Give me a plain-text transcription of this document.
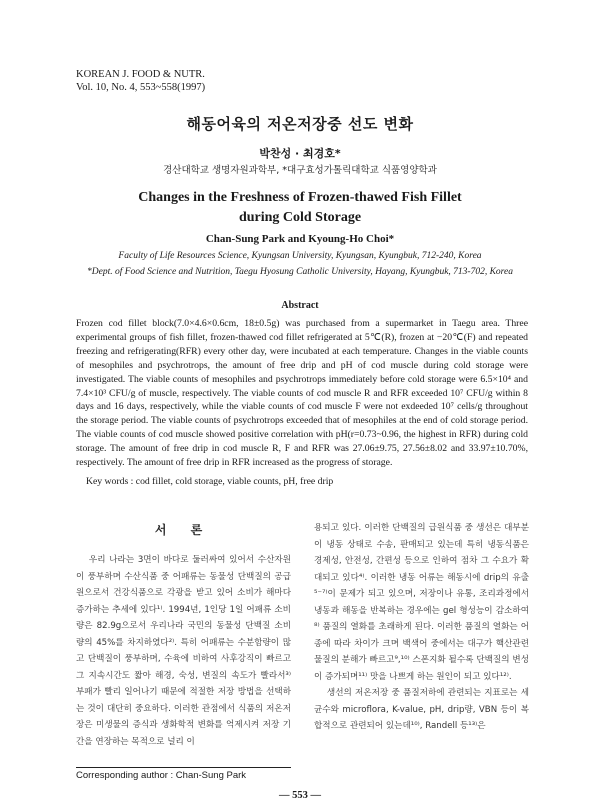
KOREAN J. FOOD & NUTR.
Vol. 10, No. 4, 553~558(1997)
해동어육의 저온저장중 선도 변화
박찬성 · 최경호*
경산대학교 생명자원과학부, *대구효성가톨릭대학교 식품영양학과
Changes in the Freshness of Frozen-thawed Fish Fillet
during Cold Storage
Chan-Sung Park and Kyoung-Ho Choi*
Faculty of Life Resources Science, Kyungsan University, Kyungsan, Kyungbuk, 712-240, Korea
*Dept. of Food Science and Nutrition, Taegu Hyosung Catholic University, Hayang, Kyungbuk, 713-702, Korea
Abstract

Frozen cod fillet block(7.0×4.6×0.6cm, 18±0.5g) was purchased from a supermarket in Taegu area. Three experimental groups of fish fillet, frozen-thawed cod fillet refrigerated at 5℃(R), frozen at −20℃(F) and repeated freezing and refrigerating(RFR) every other day, were incubated at each temperature. Changes in the viable counts of mesophiles and psychrotrops, the amount of free drip and pH of cod muscle during cold storage were investigated. The viable counts of mesophiles and psychrotrops immediately before cold storage were 6.5×10⁴ and 7.4×10³ CFU/g of muscle, respectively. The viable counts of cod muscle R and RFR exceeded 10⁷ CFU/g within 8 days and 16 days, respectively, while the viable counts of cod muscle F were not exdeeded 10⁷ cells/g throughout the storage period. The viable counts of psychrotrops exceeded that of mesophiles at the end of cold storage period. The viable counts of cod muscle showed positive correlation with pH(r=0.73~0.96, the highest in RFR) during cold storage. The amount of free drip in cod muscle R, F and RFR was 27.06±9.75, 27.56±8.02 and 33.97±10.70%, respectively. The amount of free drip in RFR increased as the progress of storage.

Key words : cod fillet, cold storage, viable counts, pH, free drip
서 론

우리 나라는 3면이 바다로 둘러싸여 있어서 수산자원이 풍부하며 수산식품 중 어패류는 동물성 단백질의 공급원으로서 건강식품으로 각광을 받고 있어 소비가 해마다 증가하는 추세에 있다¹⁾. 1994년, 1인당 1일 어패류 소비량은 82.9g으로서 우리나라 국민의 동물성 단백질 소비량의 45%를 차지하였다²⁾. 특히 어패류는 수분함량이 많고 단백질이 풍부하며, 수육에 비하여 사후강직이 빠르고 그 지속시간도 짧아 해경, 숙성, 변질의 속도가 빨라서³⁾ 부패가 빨리 일어나기 때문에 적절한 저장 방법을 선택하는 것이 대단히 중요하다. 이러한 관점에서 식품의 저온저장은 미생물의 증식과 생화학적 변화를 억제시켜 저장 기간을 연장하는 목적으로 널리 이

용되고 있다. 이러한 단백질의 급원식품 중 생선은 대부분이 냉동 상태로 수송, 판매되고 있는데 특히 냉동식품은 경제성, 안전성, 간편성 등으로 인하여 점차 그 수요가 확대되고 있다⁴⁾. 이러한 냉동 어류는 해동시에 drip의 유출⁵⁻⁷⁾이 문제가 되고 있으며, 저장이나 유통, 조리과정에서 냉동과 해동을 반복하는 경우에는 gel 형성능이 감소하여⁸⁾ 품질의 열화를 초래하게 된다. 이러한 품질의 열화는 어종에 따라 차이가 크며 백색어 중에서는 대구가 핵산관련물질의 분해가 빠르고⁹,¹⁰⁾ 스폰지화 될수록 단백질의 변성이 증가되며¹¹⁾ 맛을 나쁘게 하는 원인이 되고 있다¹²⁾.

생선의 저온저장 중 품질저하에 관련되는 지표로는 세균수와 microflora, K-value, pH, drip량, VBN 등이 복합적으로 관련되어 있는데¹⁰⁾, Randell 등¹³⁾은

Corresponding author : Chan-Sung Park
— 553 —
